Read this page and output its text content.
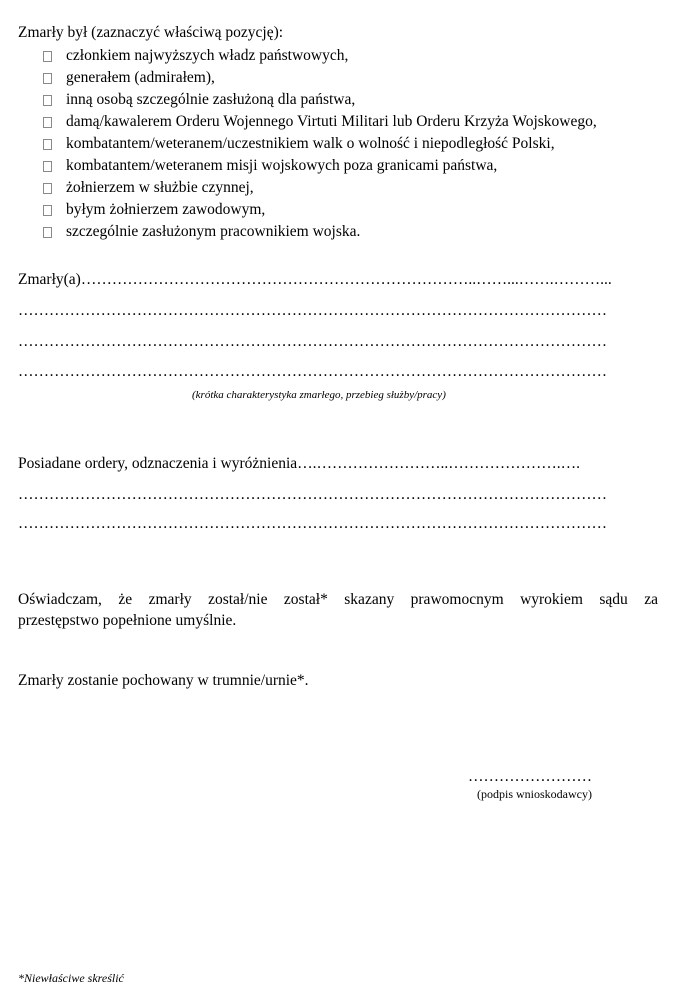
Zmarły był (zaznaczyć właściwą pozycję):
członkiem najwyższych władz państwowych,
generałem (admirałem),
inną osobą szczególnie zasłużoną dla państwa,
damą/kawalerem Orderu Wojennego Virtuti Militari lub Orderu Krzyża Wojskowego,
kombatantem/weteranem/uczestnikiem walk o wolność i niepodległość Polski,
kombatantem/weteranem misji wojskowych poza granicami państwa,
żołnierzem w służbie czynnej,
byłym żołnierzem zawodowym,
szczególnie zasłużonym pracownikiem wojska.
Zmarły(a)…………………………………………………………………..……...…….………...
……………………………………………………………………………………………………
……………………………………………………………………………………………………
……………………………………………………………………………………………………
(krótka charakterystyka zmarłego, przebieg służby/pracy)
Posiadane ordery, odznaczenia i wyróżnienia….……………………..………………….….
……………………………………………………………………………………………………
……………………………………………………………………………………………………
Oświadczam, że zmarły został/nie został* skazany prawomocnym wyrokiem sądu za
przestępstwo popełnione umyślnie.
Zmarły zostanie pochowany w trumnie/urnie*.
……………………
(podpis wnioskodawcy)
*Niewłaściwe skreślić
